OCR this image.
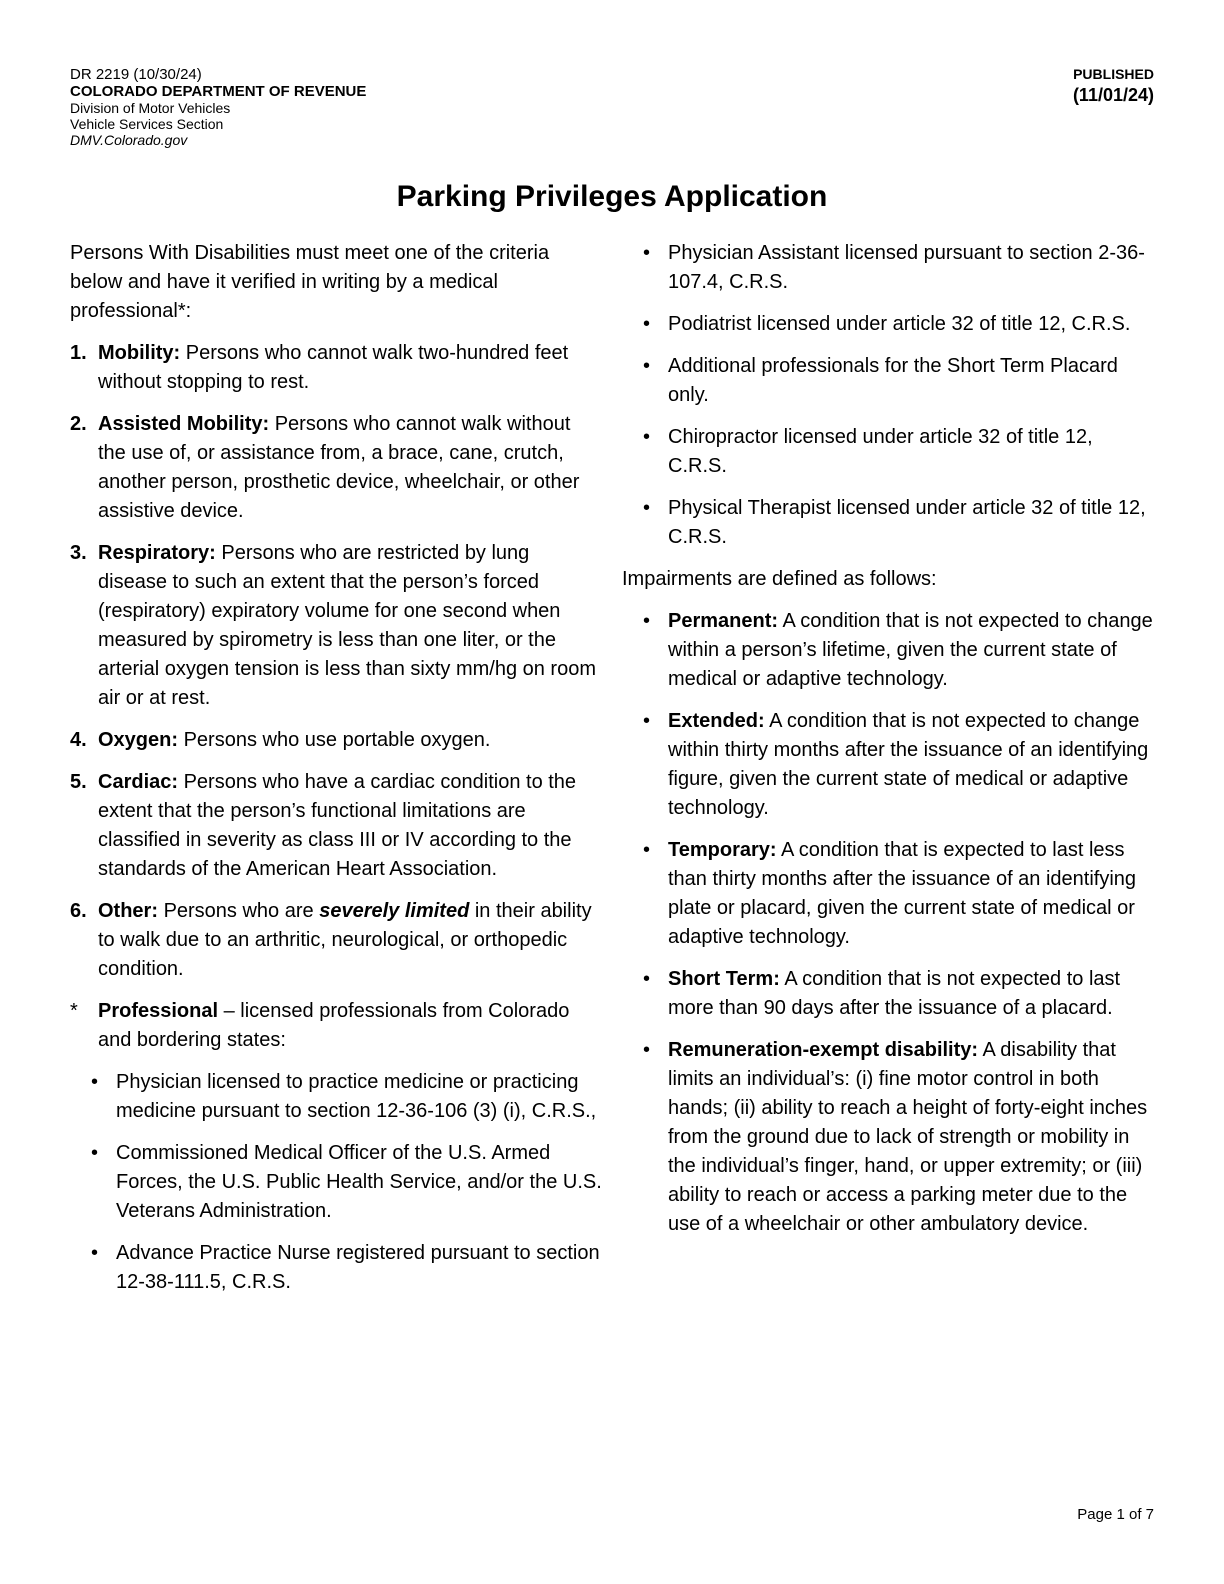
DR 2219 (10/30/24)
COLORADO DEPARTMENT OF REVENUE
Division of Motor Vehicles
Vehicle Services Section
DMV.Colorado.gov
PUBLISHED
(11/01/24)
Parking Privileges Application

Persons With Disabilities must meet one of the criteria below and have it verified in writing by a medical professional*:

1. Mobility: Persons who cannot walk two-hundred feet without stopping to rest.
2. Assisted Mobility: Persons who cannot walk without the use of, or assistance from, a brace, cane, crutch, another person, prosthetic device, wheelchair, or other assistive device.
3. Respiratory: Persons who are restricted by lung disease to such an extent that the person’s forced (respiratory) expiratory volume for one second when measured by spirometry is less than one liter, or the arterial oxygen tension is less than sixty mm/hg on room air or at rest.
4. Oxygen: Persons who use portable oxygen.
5. Cardiac: Persons who have a cardiac condition to the extent that the person’s functional limitations are classified in severity as class III or IV according to the standards of the American Heart Association.
6. Other: Persons who are severely limited in their ability to walk due to an arthritic, neurological, or orthopedic condition.
*	Professional – licensed professionals from Colorado and bordering states:
• Physician licensed to practice medicine or practicing medicine pursuant to section 12-36-106 (3) (i), C.R.S.,
• Commissioned Medical Officer of the U.S. Armed Forces, the U.S. Public Health Service, and/or the U.S. Veterans Administration.
• Advance Practice Nurse registered pursuant to section 12-38-111.5, C.R.S.
• Physician Assistant licensed pursuant to section 2-36-107.4, C.R.S.
• Podiatrist licensed under article 32 of title 12, C.R.S.
• Additional professionals for the Short Term Placard only.
• Chiropractor licensed under article 32 of title 12, C.R.S.
• Physical Therapist licensed under article 32 of title 12, C.R.S.

Impairments are defined as follows:

• Permanent: A condition that is not expected to change within a person’s lifetime, given the current state of medical or adaptive technology.
• Extended: A condition that is not expected to change within thirty months after the issuance of an identifying figure, given the current state of medical or adaptive technology.
• Temporary: A condition that is expected to last less than thirty months after the issuance of an identifying plate or placard, given the current state of medical or adaptive technology.
• Short Term: A condition that is not expected to last more than 90 days after the issuance of a placard.
• Remuneration-exempt disability: A disability that limits an individual’s: (i) fine motor control in both hands; (ii) ability to reach a height of forty-eight inches from the ground due to lack of strength or mobility in the individual’s finger, hand, or upper extremity; or (iii) ability to reach or access a parking meter due to the use of a wheelchair or other ambulatory device.
Page 1 of 7
